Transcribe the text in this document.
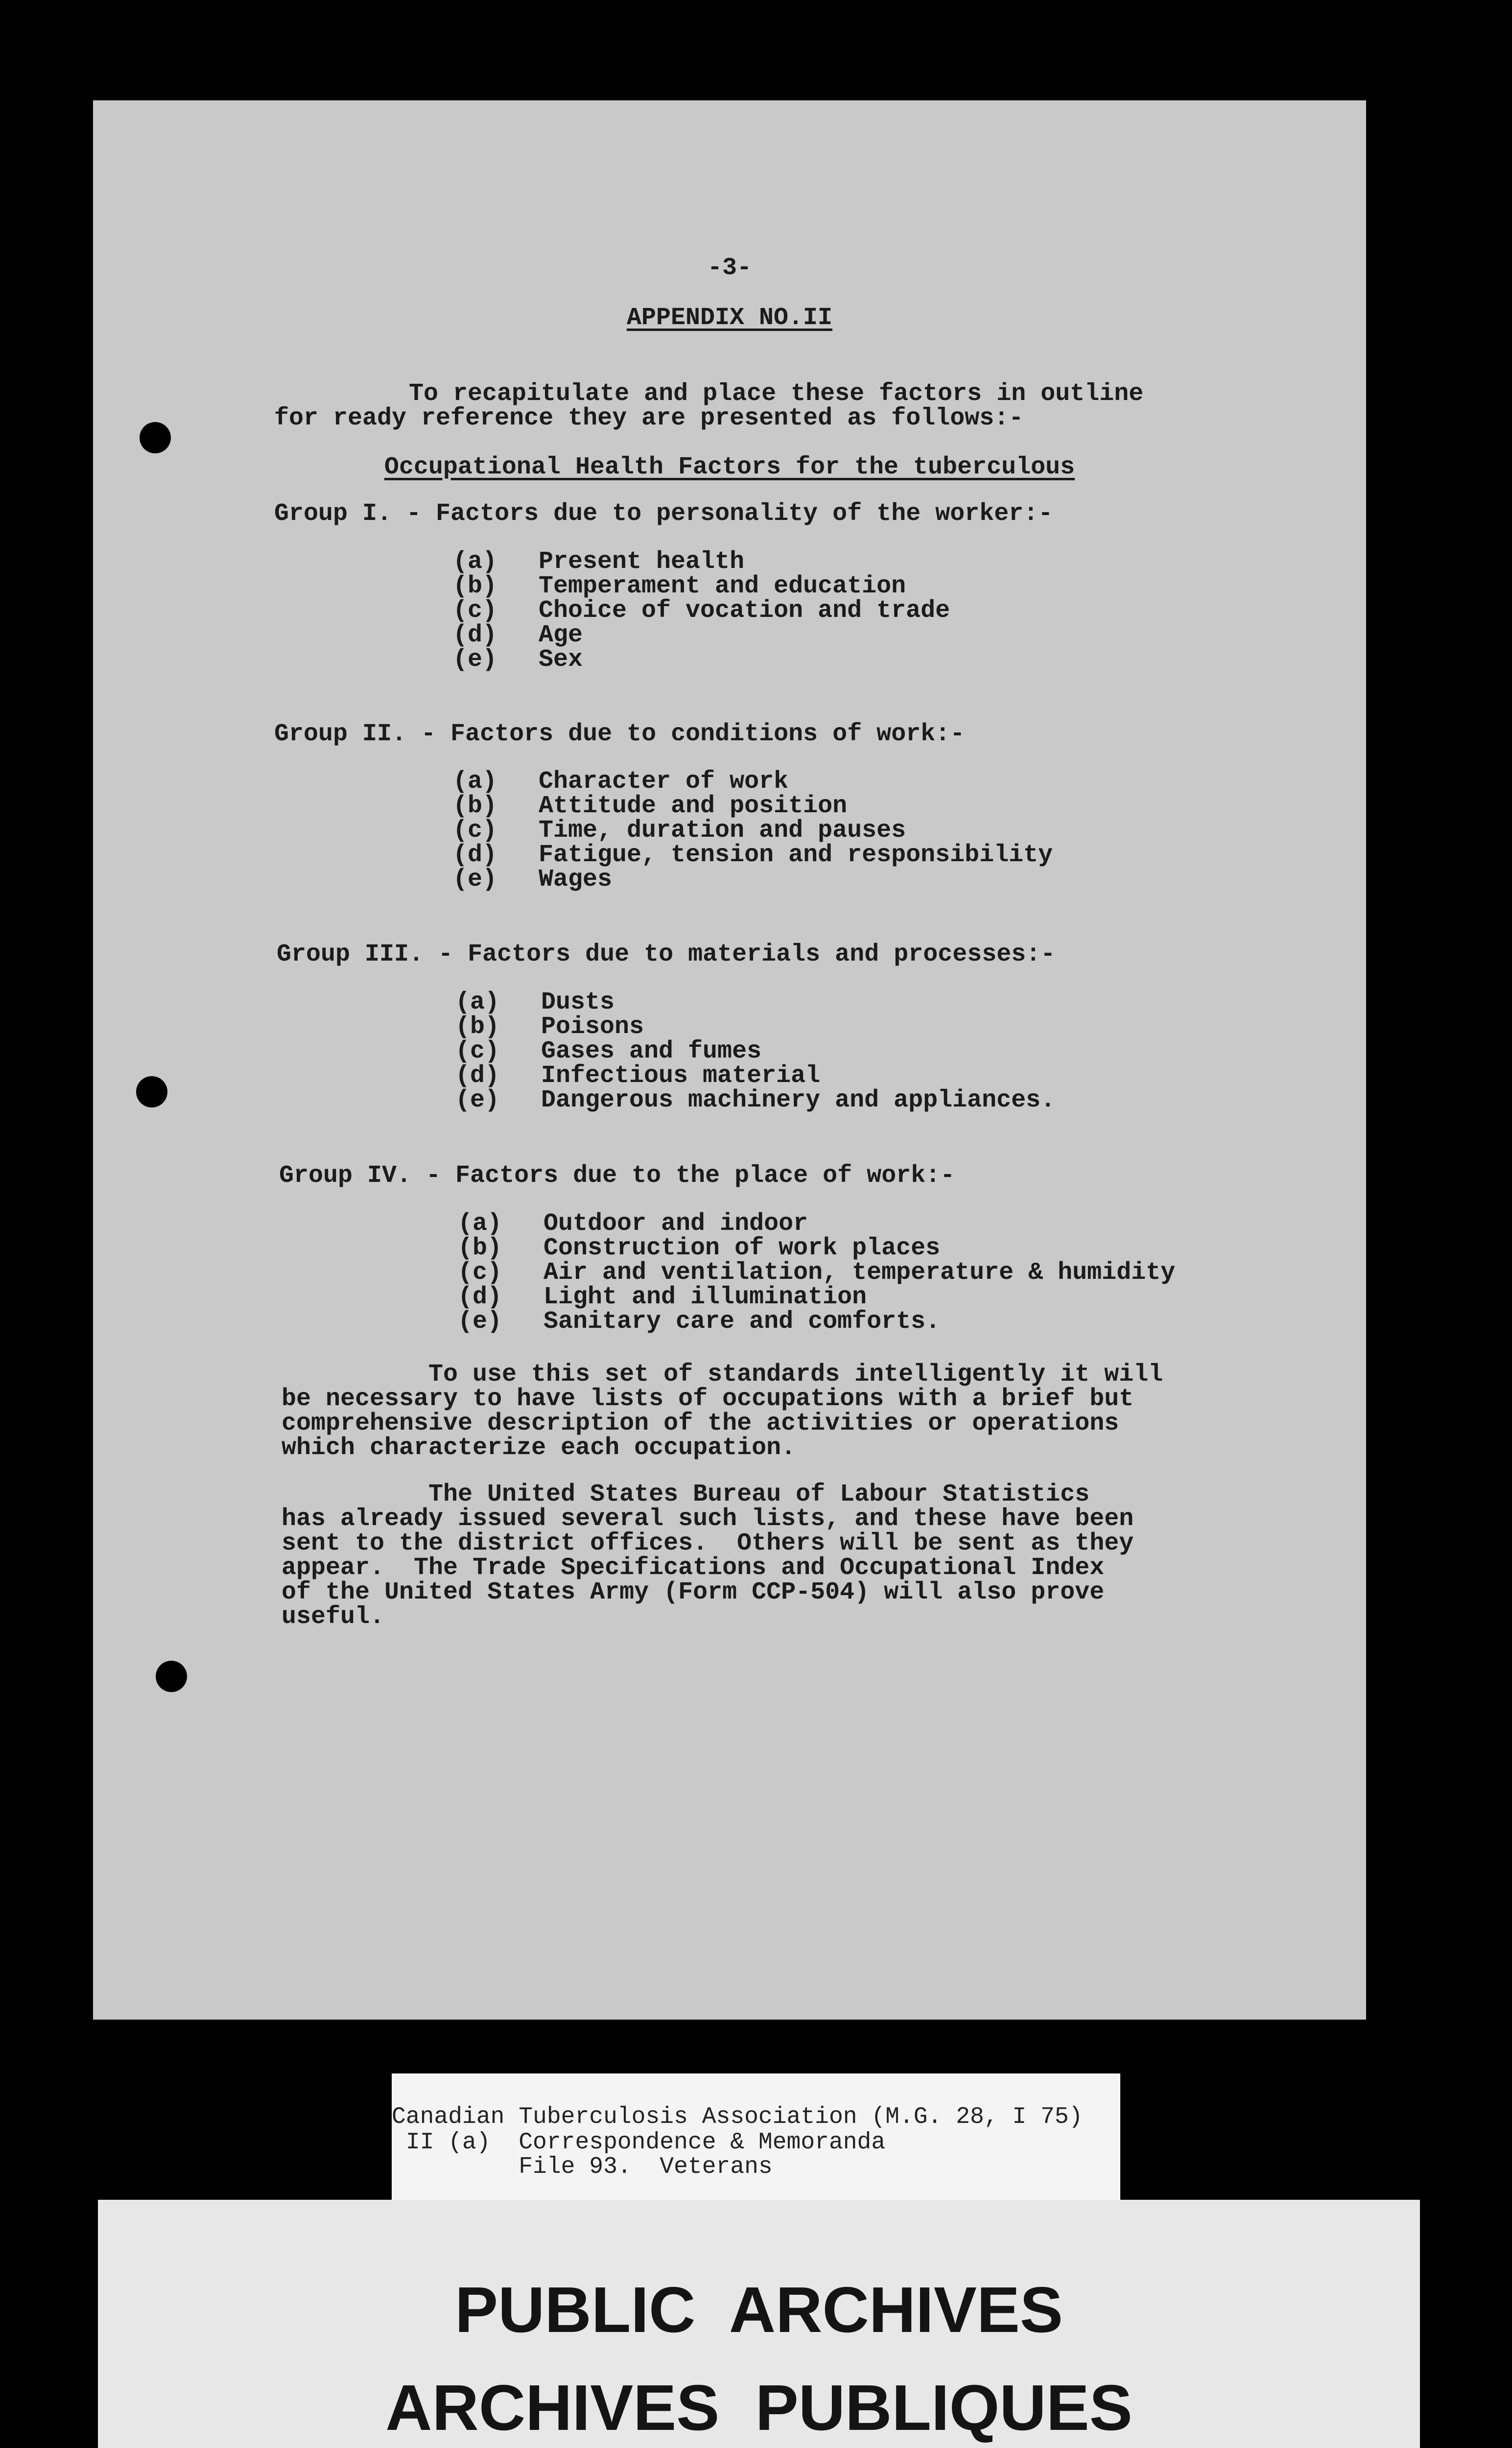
-3-
APPENDIX NO.II
To recapitulate and place these factors in outline
for ready reference they are presented as follows:-
Occupational Health Factors for the tuberculous
Group I. - Factors due to personality of the worker:-
(a) Present health
(b) Temperament and education
(c) Choice of vocation and trade
(d) Age
(e) Sex
Group II. - Factors due to conditions of work:-
(a) Character of work
(b) Attitude and position
(c) Time, duration and pauses
(d) Fatigue, tension and responsibility
(e) Wages
Group III. - Factors due to materials and processes:-
(a) Dusts
(b) Poisons
(c) Gases and fumes
(d) Infectious material
(e) Dangerous machinery and appliances.
Group IV. - Factors due to the place of work:-
(a) Outdoor and indoor
(b) Construction of work places
(c) Air and ventilation, temperature & humidity
(d) Light and illumination
(e) Sanitary care and comforts.
To use this set of standards intelligently it will
be necessary to have lists of occupations with a brief but
comprehensive description of the activities or operations
which characterize each occupation.
The United States Bureau of Labour Statistics
has already issued several such lists, and these have been
sent to the district offices.  Others will be sent as they
appear.  The Trade Specifications and Occupational Index
of the United States Army (Form CCP-504) will also prove
useful.
Canadian Tuberculosis Association (M.G. 28, I 75)
II (a)  Correspondence & Memoranda
File 93.  Veterans
PUBLIC  ARCHIVES
ARCHIVES  PUBLIQUES
